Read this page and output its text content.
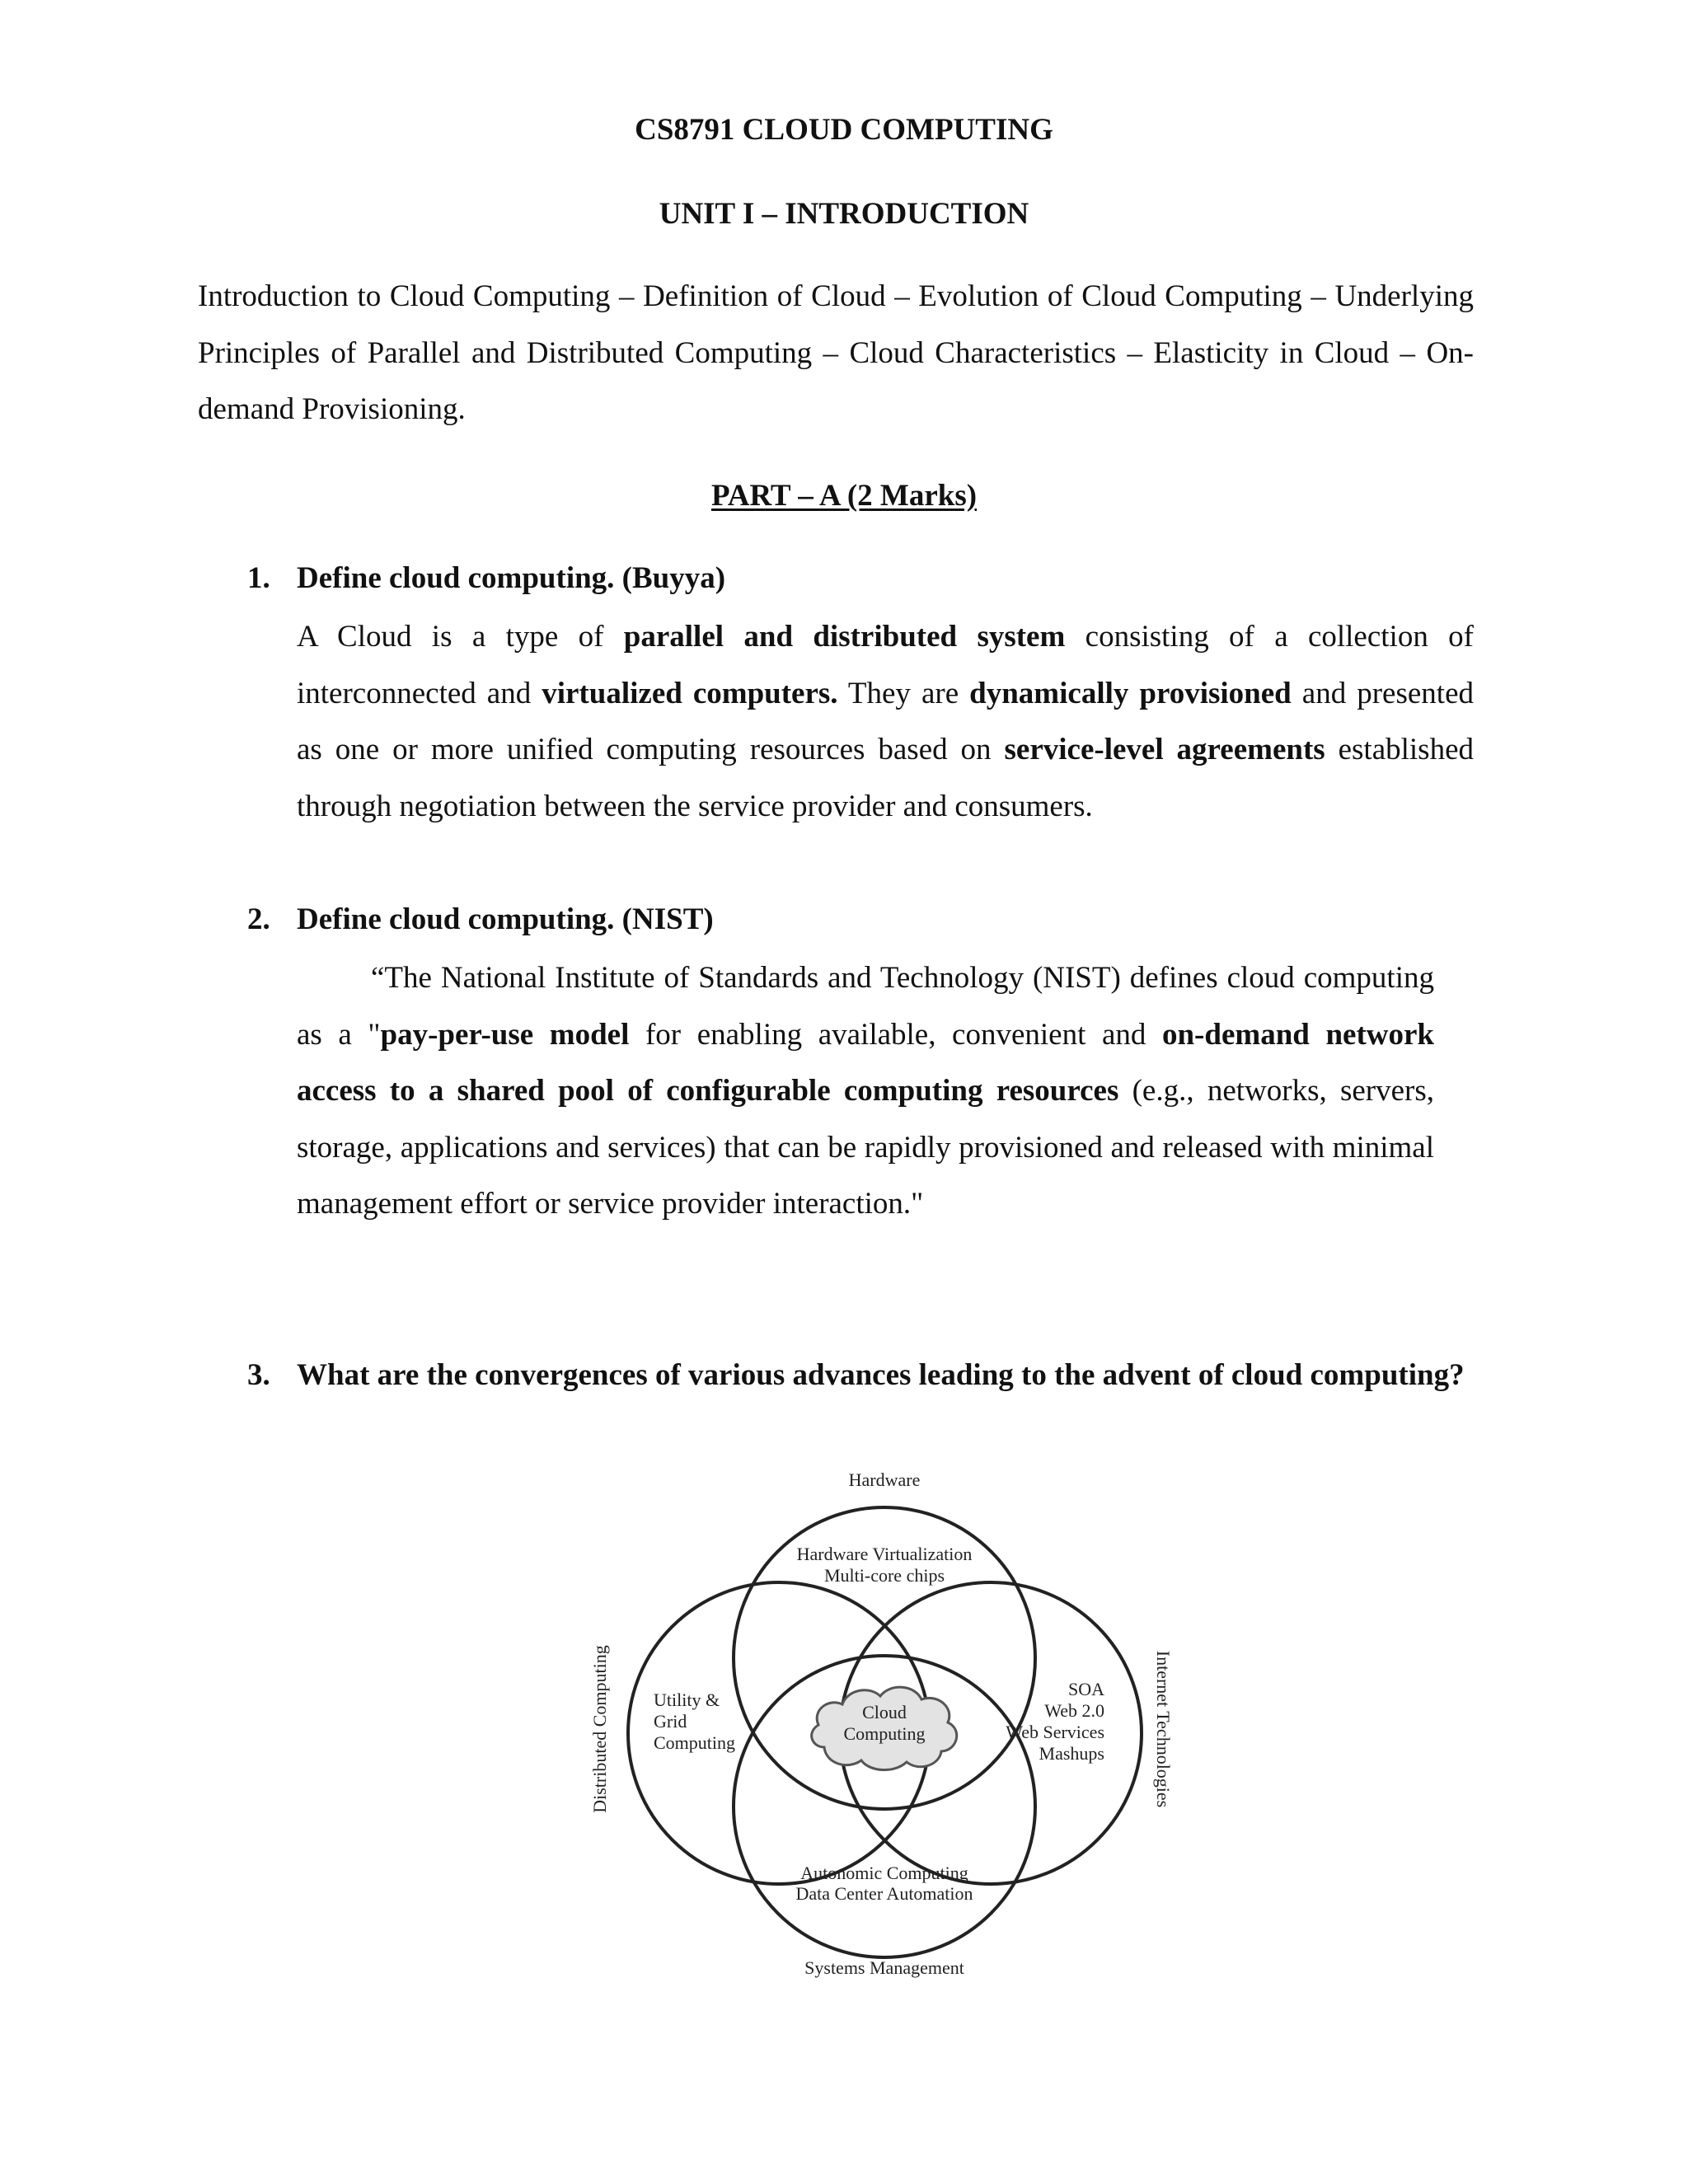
CS8791 CLOUD COMPUTING
UNIT I – INTRODUCTION
Introduction to Cloud Computing – Definition of Cloud – Evolution of Cloud Computing – Underlying Principles of Parallel and Distributed Computing – Cloud Characteristics – Elasticity in Cloud – On-demand Provisioning.
PART – A (2 Marks)
1. Define cloud computing. (Buyya)
A Cloud is a type of parallel and distributed system consisting of a collection of interconnected and virtualized computers. They are dynamically provisioned and presented as one or more unified computing resources based on service-level agreements established through negotiation between the service provider and consumers.
2. Define cloud computing. (NIST)
“The National Institute of Standards and Technology (NIST) defines cloud computing as a "pay-per-use model for enabling available, convenient and on-demand network access to a shared pool of configurable computing resources (e.g., networks, servers, storage, applications and services) that can be rapidly provisioned and released with minimal management effort or service provider interaction."
3. What are the convergences of various advances leading to the advent of cloud computing?
Hardware
Systems Management
Distributed Computing	Internet Technologies
Hardware Virtualization
Multi-core chips
Utility &
Grid
Computing
SOA
Web 2.0
Web Services
Mashups
Autonomic Computing
Data Center Automation
Cloud
Computing
